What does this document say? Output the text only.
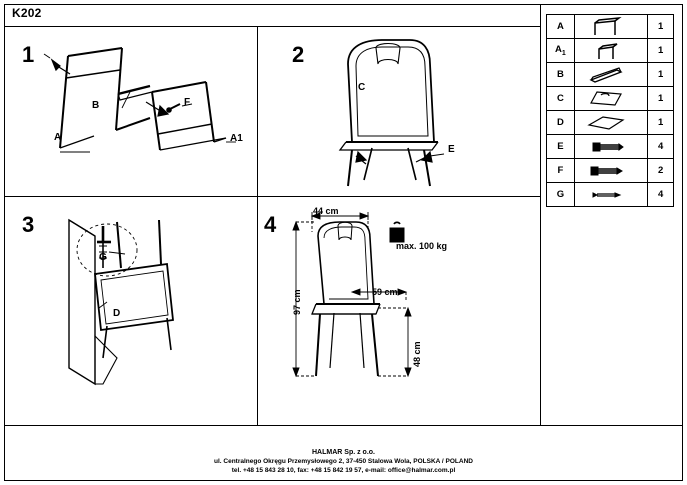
K202
1
A
B	F
A1
2
C
E
3
G
D
4
44 cm
59 cm
97 cm
48 cm
max. 100 kg
A		1
$A_1$		1
B		1
C		1
D		1
E		4
F		2
G		4
HALMAR Sp. z o.o.
ul. Centralnego Okręgu Przemysłowego 2, 37-450 Stalowa Wola, POLSKA / POLAND
tel. +48 15 843 28 10, fax: +48 15 842 19 57, e-mail: office@halmar.com.pl
